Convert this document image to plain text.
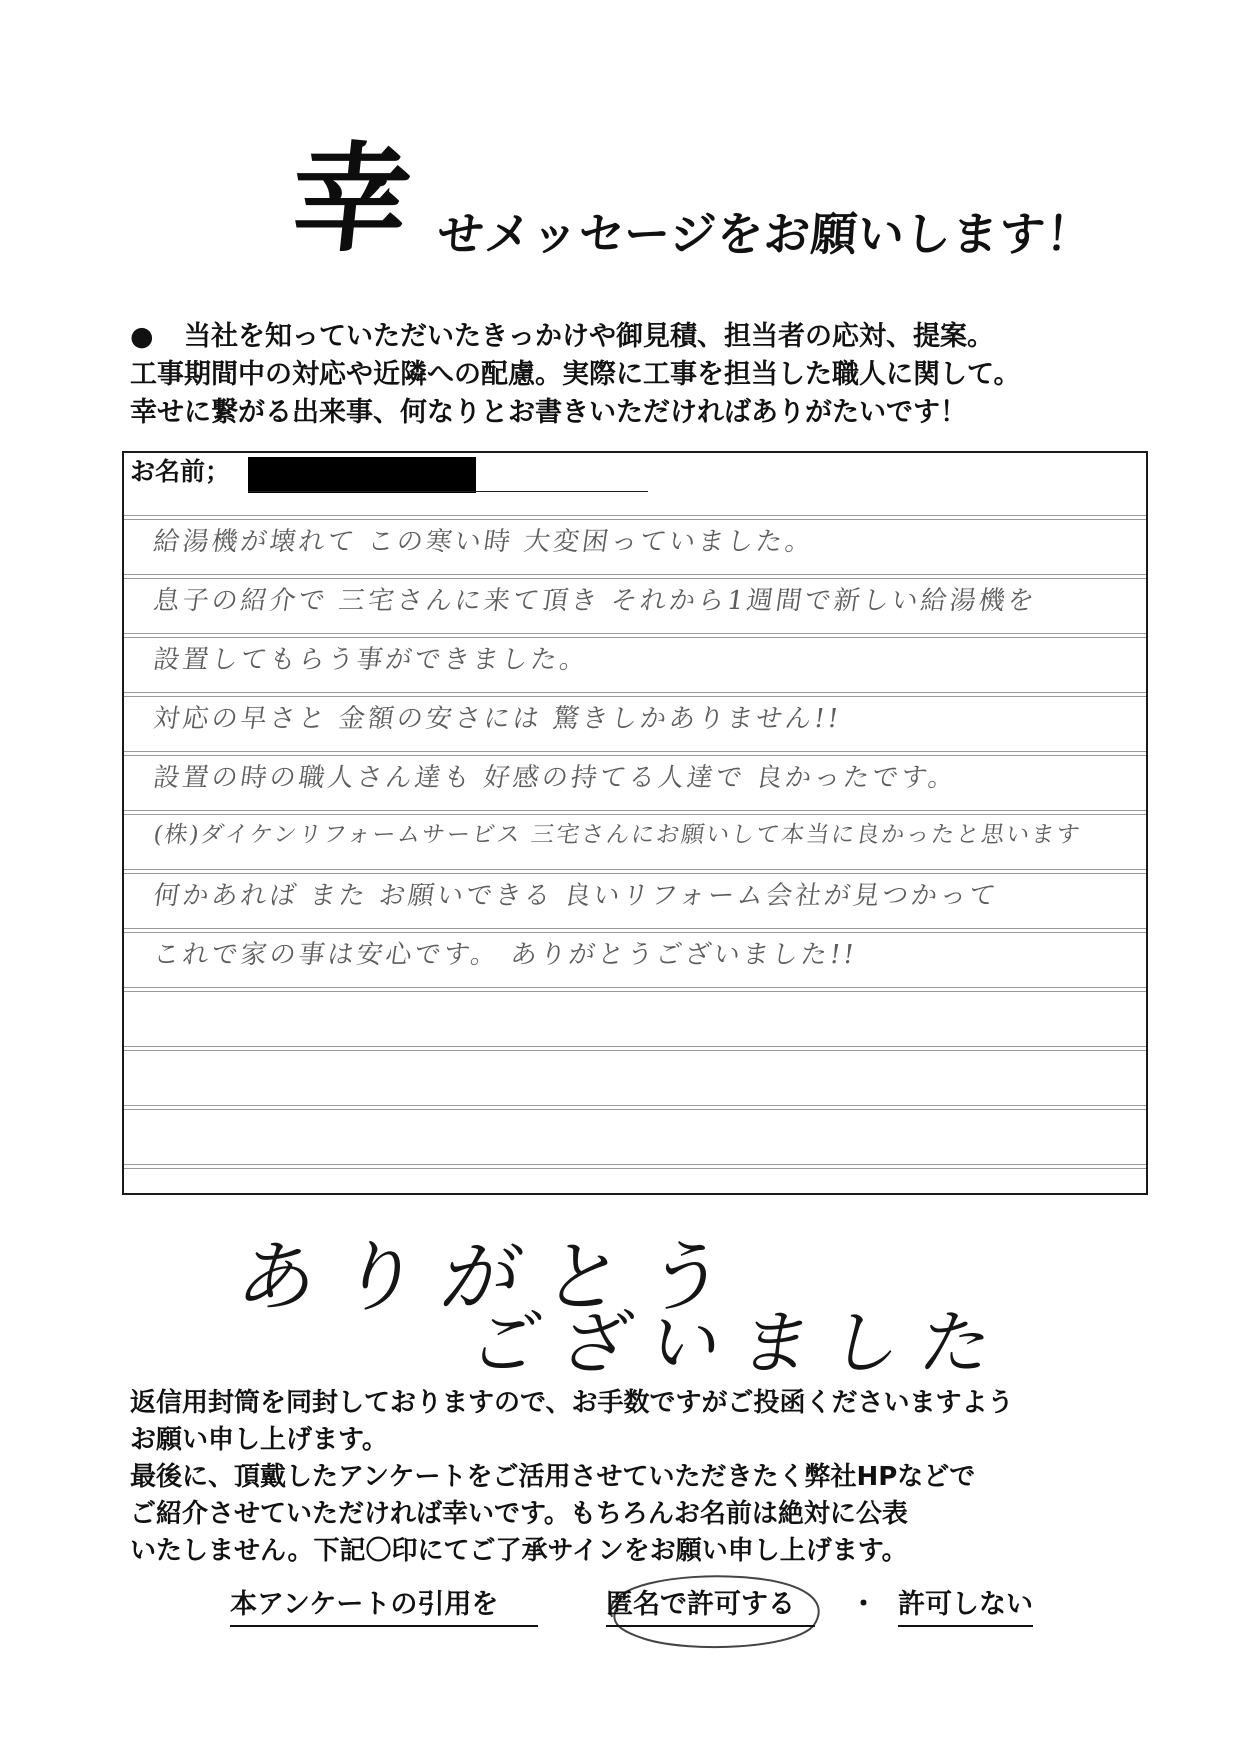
幸 せメッセージをお願いします！
● 当社を知っていただいたきっかけや御見積、担当者の応対、提案。
工事期間中の対応や近隣への配慮。実際に工事を担当した職人に関して。
幸せに繋がる出来事、何なりとお書きいただければありがたいです！
お名前；
給湯機が壊れて この寒い時 大変困っていました。
息子の紹介で 三宅さんに来て頂き それから1週間で新しい給湯機を
設置してもらう事ができました。
対応の早さと 金額の安さには 驚きしかありません!!
設置の時の職人さん達も 好感の持てる人達で 良かったです。
(株)ダイケンリフォームサービス 三宅さんにお願いして本当に良かったと思います
何かあれば また お願いできる 良いリフォーム会社が見つかって
これで家の事は安心です。 ありがとうございました!!
ありがとう
ございました
返信用封筒を同封しておりますので、お手数ですがご投函くださいますよう
お願い申し上げます。
最後に、頂戴したアンケートをご活用させていただきたく弊社HPなどで
ご紹介させていただければ幸いです。もちろんお名前は絶対に公表
いたしません。下記〇印にてご了承サインをお願い申し上げます。
本アンケートの引用を	匿名で許可する	・ 許可しない
